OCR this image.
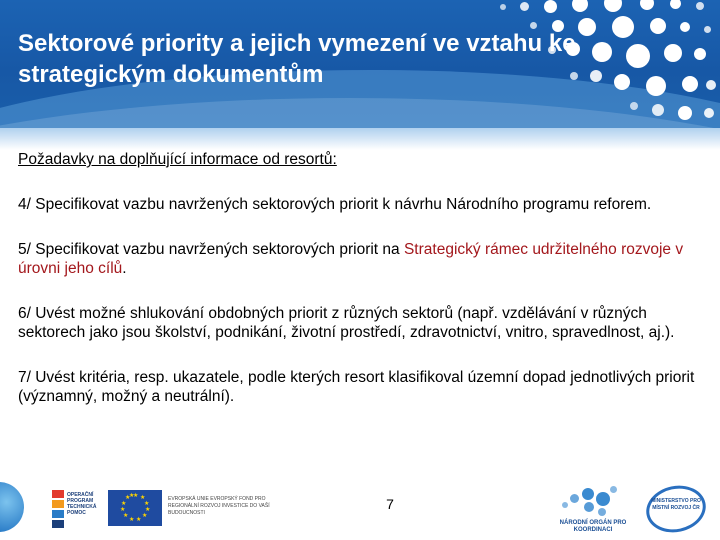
Sektorové priority a jejich vymezení ve vztahu ke strategickým dokumentům
Požadavky na doplňující informace od resortů:
4/ Specifikovat vazbu navržených sektorových priorit k návrhu Národního programu reforem.
5/ Specifikovat vazbu navržených sektorových priorit na Strategický rámec udržitelného rozvoje v úrovni jeho cílů.
6/ Uvést možné shlukování obdobných priorit z různých sektorů (např. vzdělávání v různých sektorech jako jsou školství, podnikání, životní prostředí, zdravotnictví, vnitro, spravedlnost, aj.).
7/ Uvést kritéria, resp. ukazatele, podle kterých resort klasifikoval územní dopad jednotlivých priorit (významný, možný a neutrální).
OPERAČNÍ PROGRAM TECHNICKÁ POMOC
★ ★
★
★
★
★
★
★
★
★
★
★	EVROPSKÁ UNIE EVROPSKÝ FOND PRO REGIONÁLNÍ ROZVOJ INVESTICE DO VAŠÍ BUDOUCNOSTI
7
NÁRODNÍ ORGÁN PRO KOORDINACI
MINISTERSTVO PRO MÍSTNÍ ROZVOJ ČR
